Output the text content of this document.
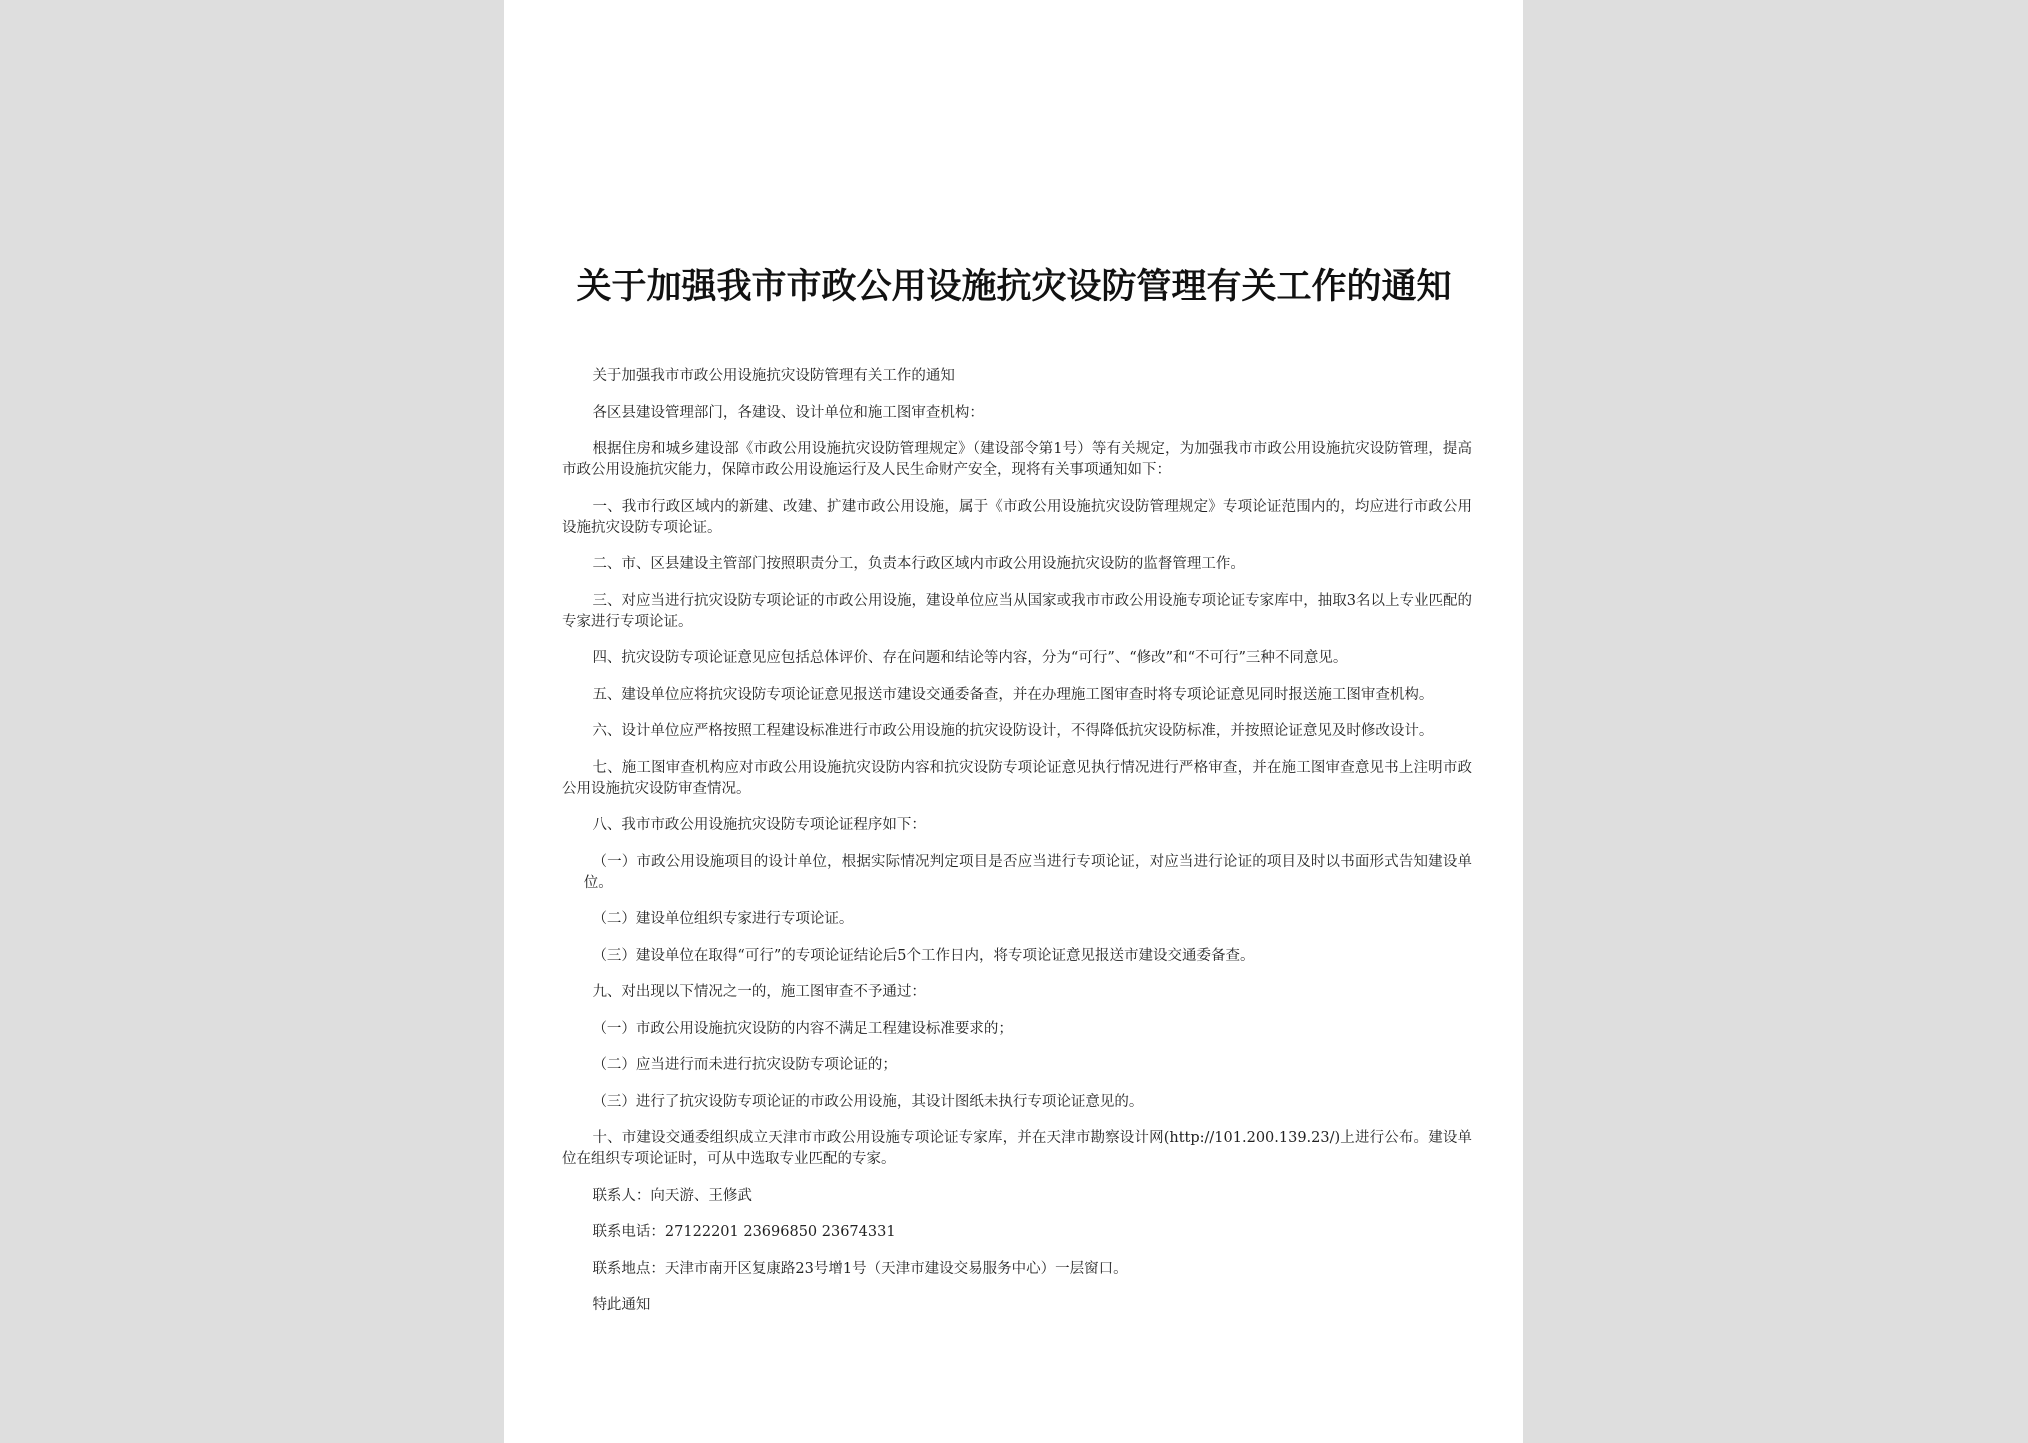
关于加强我市市政公用设施抗灾设防管理有关工作的通知

关于加强我市市政公用设施抗灾设防管理有关工作的通知

各区县建设管理部门，各建设、设计单位和施工图审查机构：

根据住房和城乡建设部《市政公用设施抗灾设防管理规定》（建设部令第1号）等有关规定，为加强我市市政公用设施抗灾设防管理，提高市政公用设施抗灾能力，保障市政公用设施运行及人民生命财产安全，现将有关事项通知如下：

一、我市行政区域内的新建、改建、扩建市政公用设施，属于《市政公用设施抗灾设防管理规定》专项论证范围内的，均应进行市政公用设施抗灾设防专项论证。

二、市、区县建设主管部门按照职责分工，负责本行政区域内市政公用设施抗灾设防的监督管理工作。

三、对应当进行抗灾设防专项论证的市政公用设施，建设单位应当从国家或我市市政公用设施专项论证专家库中，抽取3名以上专业匹配的专家进行专项论证。

四、抗灾设防专项论证意见应包括总体评价、存在问题和结论等内容，分为“可行”、“修改”和“不可行”三种不同意见。

五、建设单位应将抗灾设防专项论证意见报送市建设交通委备查，并在办理施工图审查时将专项论证意见同时报送施工图审查机构。

六、设计单位应严格按照工程建设标准进行市政公用设施的抗灾设防设计，不得降低抗灾设防标准，并按照论证意见及时修改设计。

七、施工图审查机构应对市政公用设施抗灾设防内容和抗灾设防专项论证意见执行情况进行严格审查，并在施工图审查意见书上注明市政公用设施抗灾设防审查情况。

八、我市市政公用设施抗灾设防专项论证程序如下：

（一）市政公用设施项目的设计单位，根据实际情况判定项目是否应当进行专项论证，对应当进行论证的项目及时以书面形式告知建设单位。

（二）建设单位组织专家进行专项论证。

（三）建设单位在取得“可行”的专项论证结论后5个工作日内，将专项论证意见报送市建设交通委备查。

九、对出现以下情况之一的，施工图审查不予通过：

（一）市政公用设施抗灾设防的内容不满足工程建设标准要求的；

（二）应当进行而未进行抗灾设防专项论证的；

（三）进行了抗灾设防专项论证的市政公用设施，其设计图纸未执行专项论证意见的。

十、市建设交通委组织成立天津市市政公用设施专项论证专家库，并在天津市勘察设计网(http://101.200.139.23/)上进行公布。建设单位在组织专项论证时，可从中选取专业匹配的专家。

联系人：向天游、王修武

联系电话：27122201 23696850 23674331

联系地点：天津市南开区复康路23号增1号（天津市建设交易服务中心）一层窗口。

特此通知
